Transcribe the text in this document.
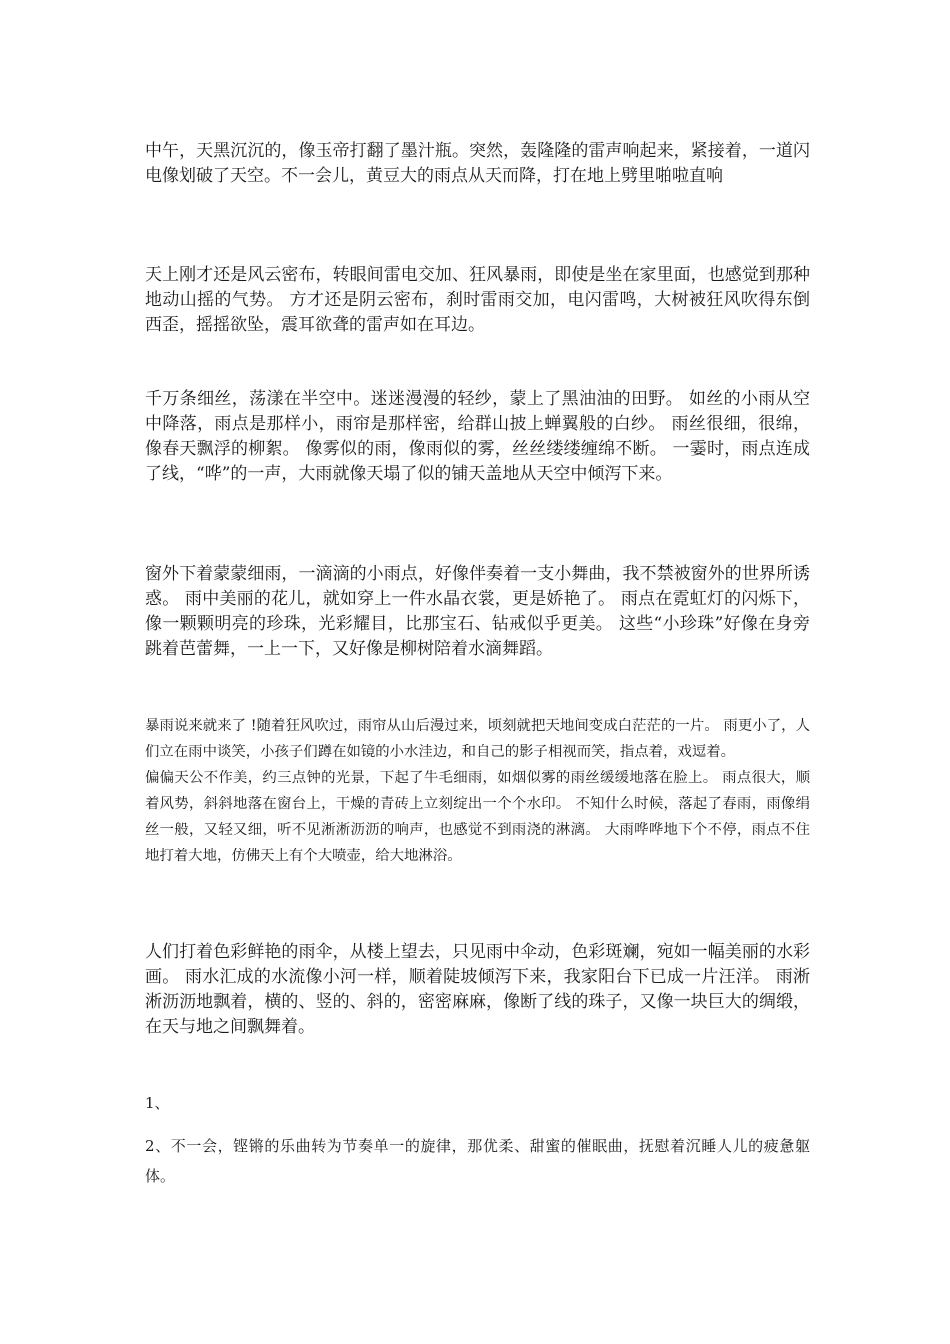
中午，天黑沉沉的，像玉帝打翻了墨汁瓶。突然，轰隆隆的雷声响起来，紧接着，一道闪电像划破了天空。不一会儿，黄豆大的雨点从天而降，打在地上劈里啪啦直响

天上刚才还是风云密布，转眼间雷电交加、狂风暴雨，即使是坐在家里面，也感觉到那种地动山摇的气势。 方才还是阴云密布，刹时雷雨交加，电闪雷鸣，大树被狂风吹得东倒西歪，摇摇欲坠，震耳欲聋的雷声如在耳边。

千万条细丝，荡漾在半空中。迷迷漫漫的轻纱，蒙上了黑油油的田野。 如丝的小雨从空中降落，雨点是那样小，雨帘是那样密，给群山披上蝉翼般的白纱。 雨丝很细，很绵，像春天飘浮的柳絮。 像雾似的雨，像雨似的雾，丝丝缕缕缠绵不断。 一霎时，雨点连成了线，“哗”的一声，大雨就像天塌了似的铺天盖地从天空中倾泻下来。

窗外下着蒙蒙细雨，一滴滴的小雨点，好像伴奏着一支小舞曲，我不禁被窗外的世界所诱惑。 雨中美丽的花儿，就如穿上一件水晶衣裳，更是娇艳了。 雨点在霓虹灯的闪烁下，像一颗颗明亮的珍珠，光彩耀目，比那宝石、钻戒似乎更美。 这些“小珍珠”好像在身旁跳着芭蕾舞，一上一下，又好像是柳树陪着水滴舞蹈。

暴雨说来就来了 !随着狂风吹过，雨帘从山后漫过来，顷刻就把天地间变成白茫茫的一片。 雨更小了，人们立在雨中谈笑，小孩子们蹲在如镜的小水洼边，和自己的影子相视而笑，指点着，戏逗着。

偏偏天公不作美，约三点钟的光景，下起了牛毛细雨，如烟似雾的雨丝缓缓地落在脸上。 雨点很大，顺着风势，斜斜地落在窗台上，干燥的青砖上立刻绽出一个个水印。 不知什么时候，落起了春雨，雨像绢丝一般，又轻又细，听不见淅淅沥沥的响声，也感觉不到雨浇的淋漓。 大雨哗哗地下个不停，雨点不住地打着大地，仿佛天上有个大喷壶，给大地淋浴。

人们打着色彩鲜艳的雨伞，从楼上望去，只见雨中伞动，色彩斑斓，宛如一幅美丽的水彩画。 雨水汇成的水流像小河一样，顺着陡坡倾泻下来，我家阳台下已成一片汪洋。 雨淅淅沥沥地飘着，横的、竖的、斜的，密密麻麻，像断了线的珠子，又像一块巨大的绸缎，在天与地之间飘舞着。

1、

2、不一会，铿锵的乐曲转为节奏单一的旋律，那优柔、甜蜜的催眠曲，抚慰着沉睡人儿的疲惫躯体。
